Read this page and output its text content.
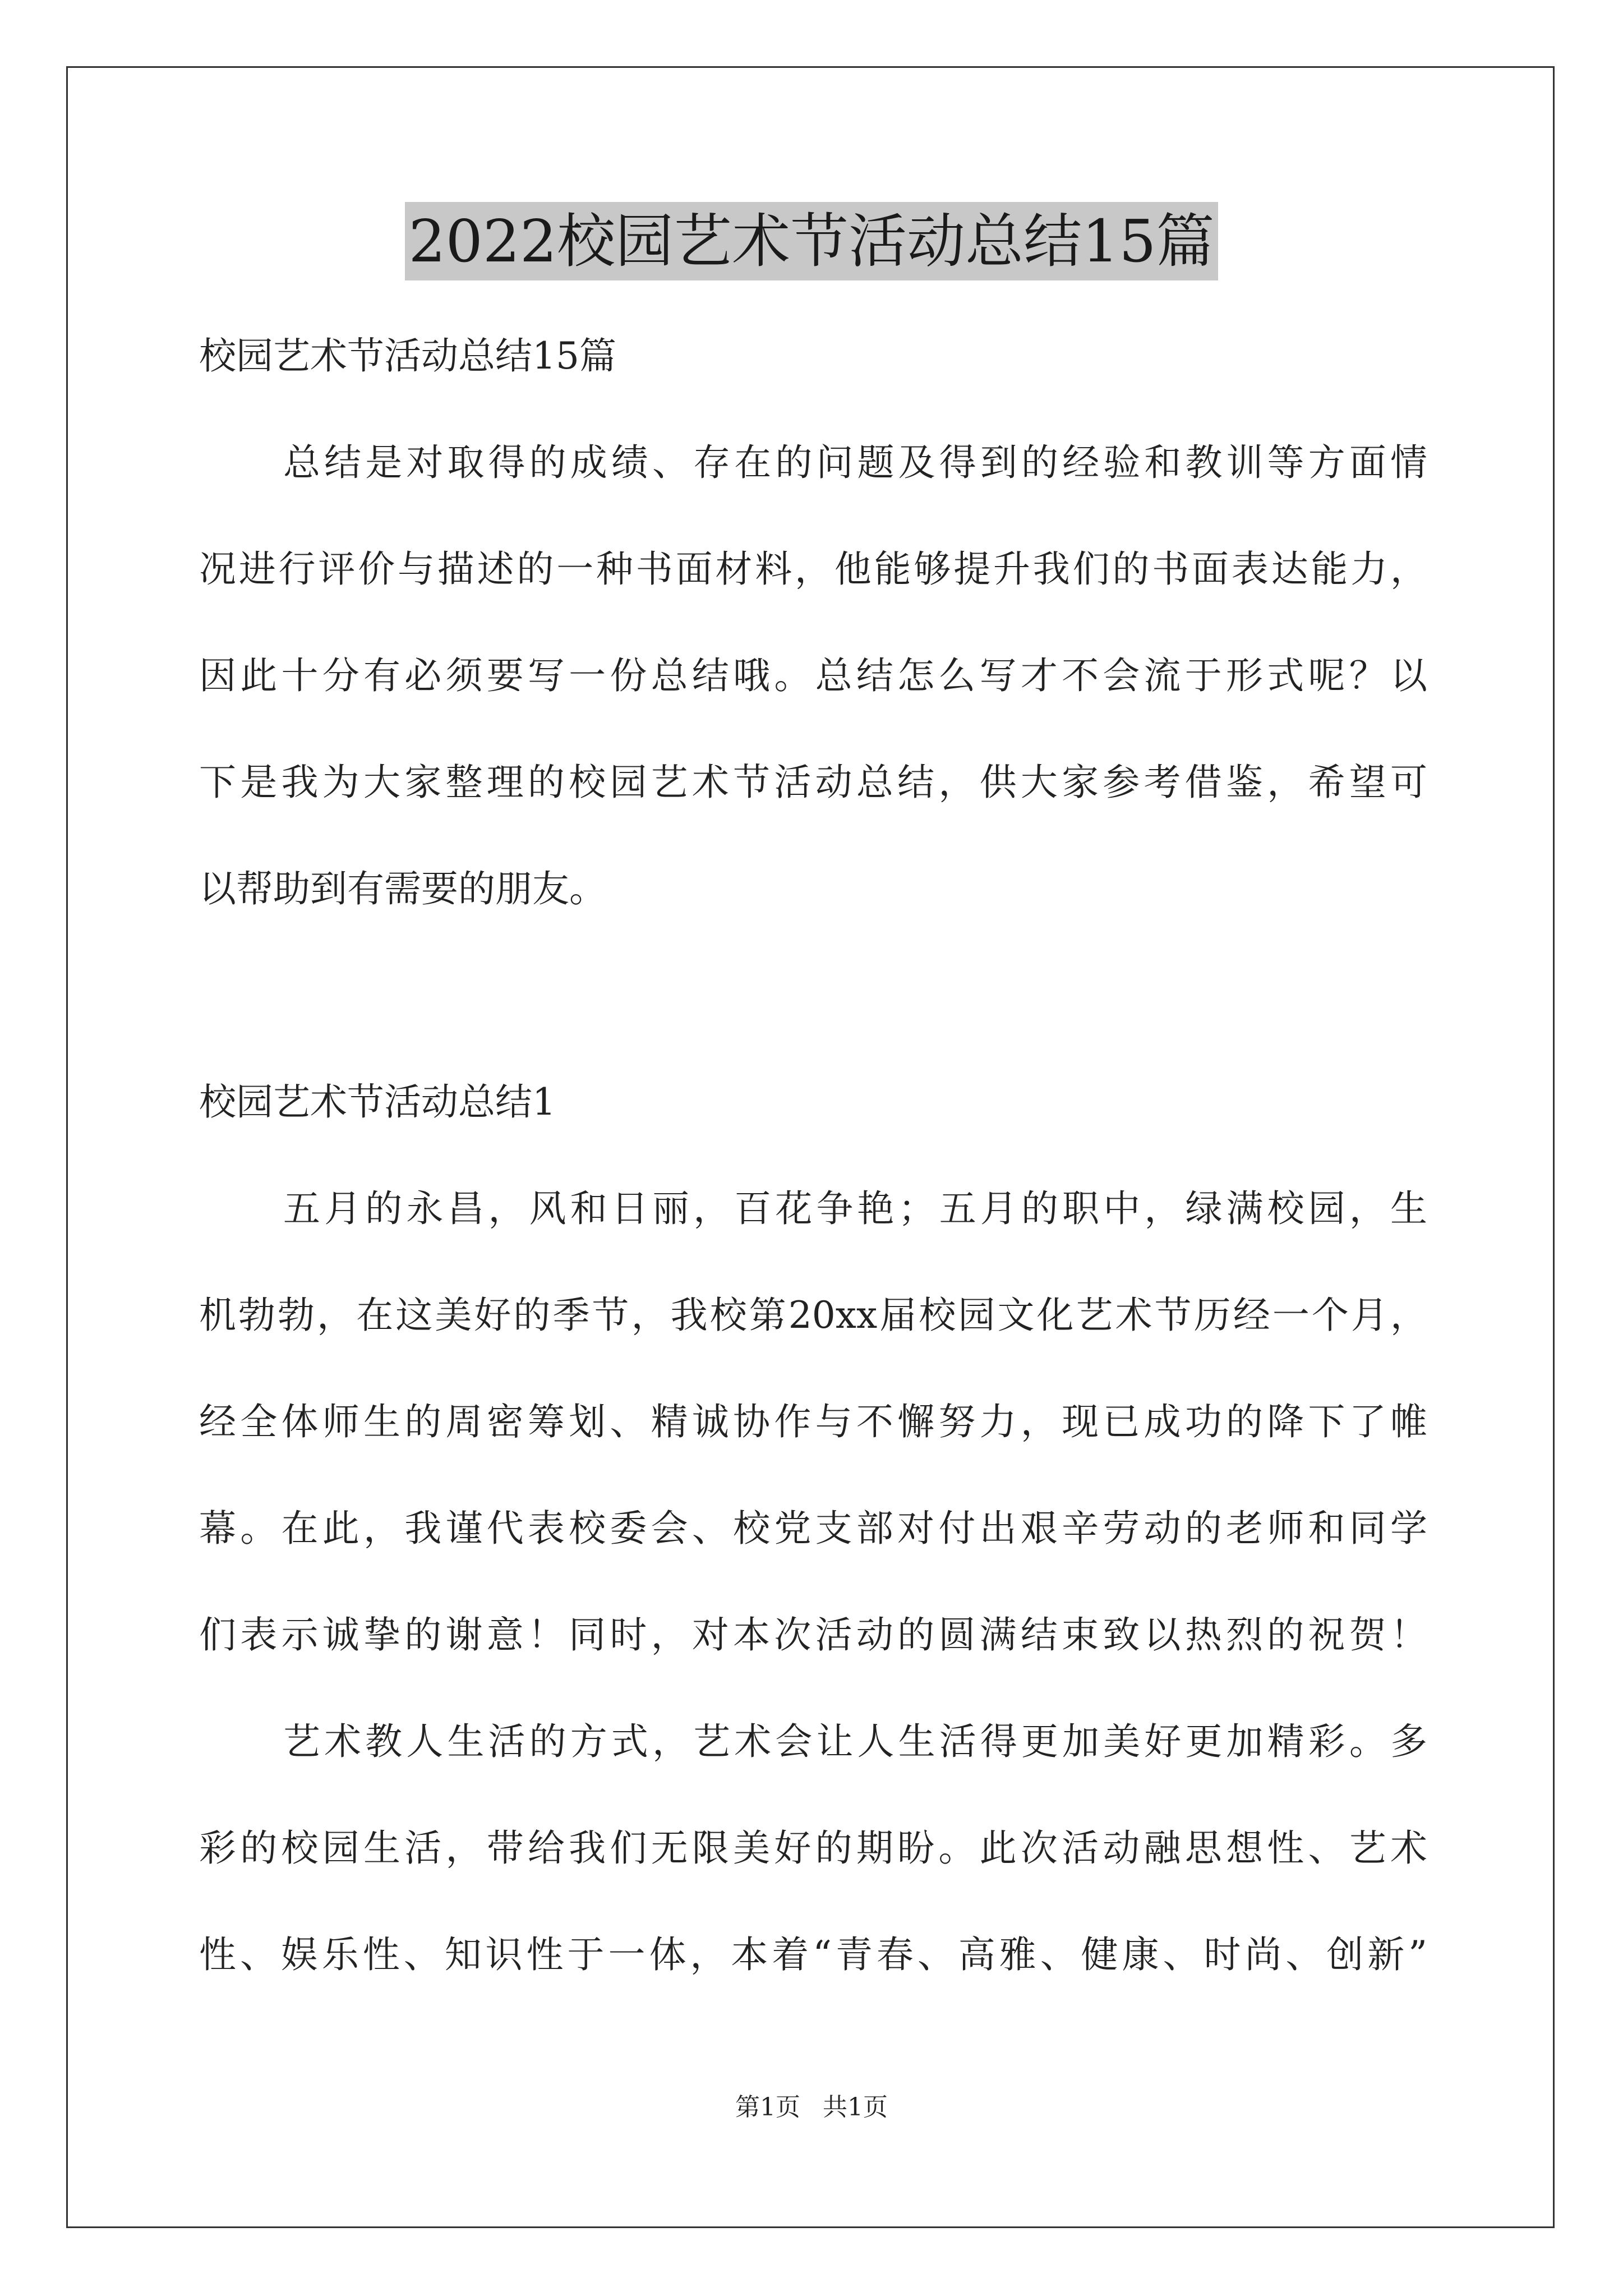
2022校园艺术节活动总结15篇
校园艺术节活动总结15篇
总结是对取得的成绩、存在的问题及得到的经验和教训等方面情
况进行评价与描述的一种书面材料，他能够提升我们的书面表达能力，
因此十分有必须要写一份总结哦。总结怎么写才不会流于形式呢？以
下是我为大家整理的校园艺术节活动总结，供大家参考借鉴，希望可
以帮助到有需要的朋友。
校园艺术节活动总结1
五月的永昌，风和日丽，百花争艳；五月的职中，绿满校园，生
机勃勃，在这美好的季节，我校第20xx届校园文化艺术节历经一个月，
经全体师生的周密筹划、精诚协作与不懈努力，现已成功的降下了帷
幕。在此，我谨代表校委会、校党支部对付出艰辛劳动的老师和同学
们表示诚挚的谢意！同时，对本次活动的圆满结束致以热烈的祝贺！
艺术教人生活的方式，艺术会让人生活得更加美好更加精彩。多
彩的校园生活，带给我们无限美好的期盼。此次活动融思想性、艺术
性、娱乐性、知识性于一体，本着“青春、高雅、健康、时尚、创新”
第1页 共1页
